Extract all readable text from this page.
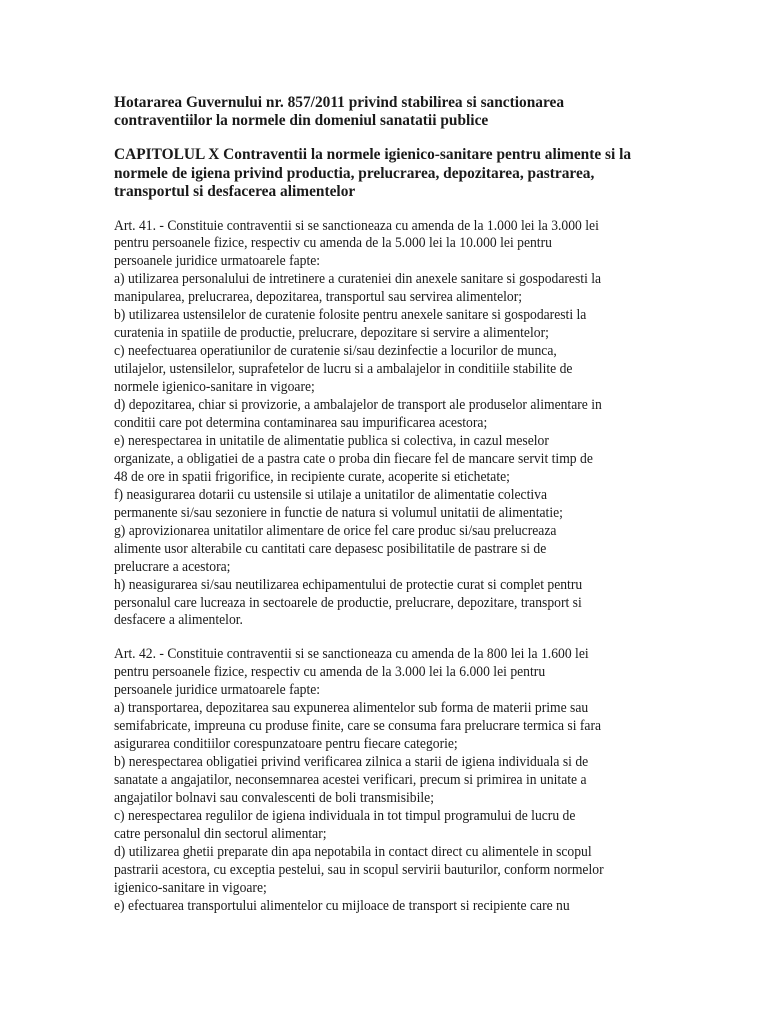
Hotararea Guvernului nr. 857/2011 privind stabilirea si sanctionarea
contraventiilor la normele din domeniul sanatatii publice
CAPITOLUL X Contraventii la normele igienico-sanitare pentru alimente si la
normele de igiena privind productia, prelucrarea, depozitarea, pastrarea,
transportul si desfacerea alimentelor

Art. 41. - Constituie contraventii si se sanctioneaza cu amenda de la 1.000 lei la 3.000 lei

pentru persoanele fizice, respectiv cu amenda de la 5.000 lei la 10.000 lei pentru

persoanele juridice urmatoarele fapte:

a) utilizarea personalului de intretinere a curateniei din anexele sanitare si gospodaresti la

manipularea, prelucrarea, depozitarea, transportul sau servirea alimentelor;

b) utilizarea ustensilelor de curatenie folosite pentru anexele sanitare si gospodaresti la

curatenia in spatiile de productie, prelucrare, depozitare si servire a alimentelor;

c) neefectuarea operatiunilor de curatenie si/sau dezinfectie a locurilor de munca,

utilajelor, ustensilelor, suprafetelor de lucru si a ambalajelor in conditiile stabilite de

normele igienico-sanitare in vigoare;

d) depozitarea, chiar si provizorie, a ambalajelor de transport ale produselor alimentare in

conditii care pot determina contaminarea sau impurificarea acestora;

e) nerespectarea in unitatile de alimentatie publica si colectiva, in cazul meselor

organizate, a obligatiei de a pastra cate o proba din fiecare fel de mancare servit timp de

48 de ore in spatii frigorifice, in recipiente curate, acoperite si etichetate;

f) neasigurarea dotarii cu ustensile si utilaje a unitatilor de alimentatie colectiva

permanente si/sau sezoniere in functie de natura si volumul unitatii de alimentatie;

g) aprovizionarea unitatilor alimentare de orice fel care produc si/sau prelucreaza

alimente usor alterabile cu cantitati care depasesc posibilitatile de pastrare si de

prelucrare a acestora;

h) neasigurarea si/sau neutilizarea echipamentului de protectie curat si complet pentru

personalul care lucreaza in sectoarele de productie, prelucrare, depozitare, transport si

desfacere a alimentelor.

Art. 42. - Constituie contraventii si se sanctioneaza cu amenda de la 800 lei la 1.600 lei

pentru persoanele fizice, respectiv cu amenda de la 3.000 lei la 6.000 lei pentru

persoanele juridice urmatoarele fapte:

a) transportarea, depozitarea sau expunerea alimentelor sub forma de materii prime sau

semifabricate, impreuna cu produse finite, care se consuma fara prelucrare termica si fara

asigurarea conditiilor corespunzatoare pentru fiecare categorie;

b) nerespectarea obligatiei privind verificarea zilnica a starii de igiena individuala si de

sanatate a angajatilor, neconsemnarea acestei verificari, precum si primirea in unitate a

angajatilor bolnavi sau convalescenti de boli transmisibile;

c) nerespectarea regulilor de igiena individuala in tot timpul programului de lucru de

catre personalul din sectorul alimentar;

d) utilizarea ghetii preparate din apa nepotabila in contact direct cu alimentele in scopul

pastrarii acestora, cu exceptia pestelui, sau in scopul servirii bauturilor, conform normelor

igienico-sanitare in vigoare;

e) efectuarea transportului alimentelor cu mijloace de transport si recipiente care nu
